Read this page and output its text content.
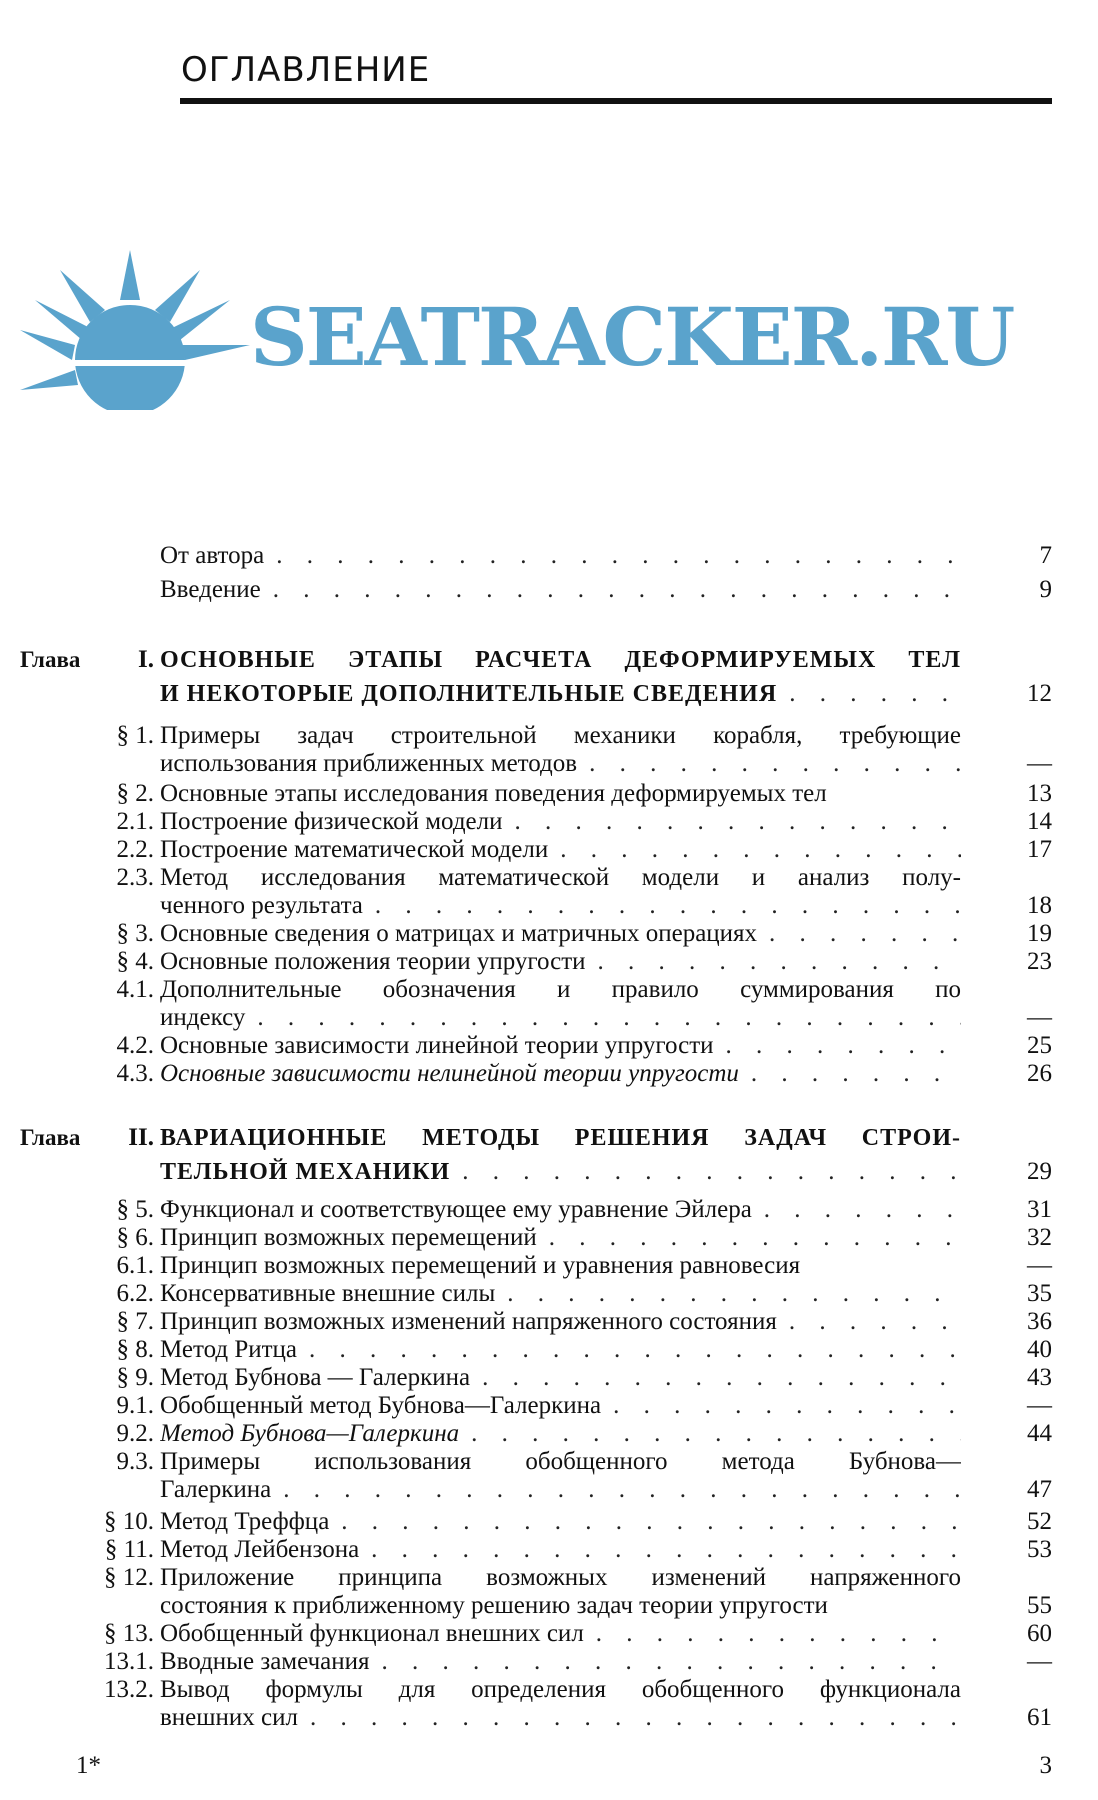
ОГЛАВЛЕНИЕ
SEATRACKER.RU
От автора . . .	7
Введение . . .	9
Глава I. ОСНОВНЫЕ ЭТАПЫ РАСЧЕТА ДЕФОРМИРУЕМЫХ ТЕЛ
И НЕКОТОРЫЕ ДОПОЛНИТЕЛЬНЫЕ СВЕДЕНИЯ . . .	12
§ 1. Примеры задач строительной механики корабля, требующие
использования приближенных методов . . .	—
§ 2. Основные этапы исследования поведения деформируемых тел	13
2.1. Построение физической модели . . .	14
2.2. Построение математической модели . . .	17
2.3. Метод исследования математической модели и анализ полу-
ченного результата . . .	18
§ 3. Основные сведения о матрицах и матричных операциях . . .	19
§ 4. Основные положения теории упругости . . .	23
4.1. Дополнительные обозначения и правило суммирования по
индексу . . .	—
4.2. Основные зависимости линейной теории упругости . . .	25
4.3. Основные зависимости нелинейной теории упругости . . .	26
Глава II. ВАРИАЦИОННЫЕ МЕТОДЫ РЕШЕНИЯ ЗАДАЧ СТРОИ-
ТЕЛЬНОЙ МЕХАНИКИ . . .	29
§ 5. Функционал и соответствующее ему уравнение Эйлера . . .	31
§ 6. Принцип возможных перемещений . . .	32
6.1. Принцип возможных перемещений и уравнения равновесия	—
6.2. Консервативные внешние силы . . .	35
§ 7. Принцип возможных изменений напряженного состояния . . .	36
§ 8. Метод Ритца . . .	40
§ 9. Метод Бубнова — Галеркина . . .	43
9.1. Обобщенный метод Бубнова—Галеркина . . .	—
9.2. Метод Бубнова—Галеркина . . .	44
9.3. Примеры использования обобщенного метода Бубнова—
Галеркина . . .	47
§ 10. Метод Треффца . . .	52
§ 11. Метод Лейбензона . . .	53
§ 12. Приложение принципа возможных изменений напряженного
состояния к приближенному решению задач теории упругости	55
§ 13. Обобщенный функционал внешних сил . . .	60
13.1. Вводные замечания . . .	—
13.2. Вывод формулы для определения обобщенного функционала
внешних сил . . .	61
1*	3
